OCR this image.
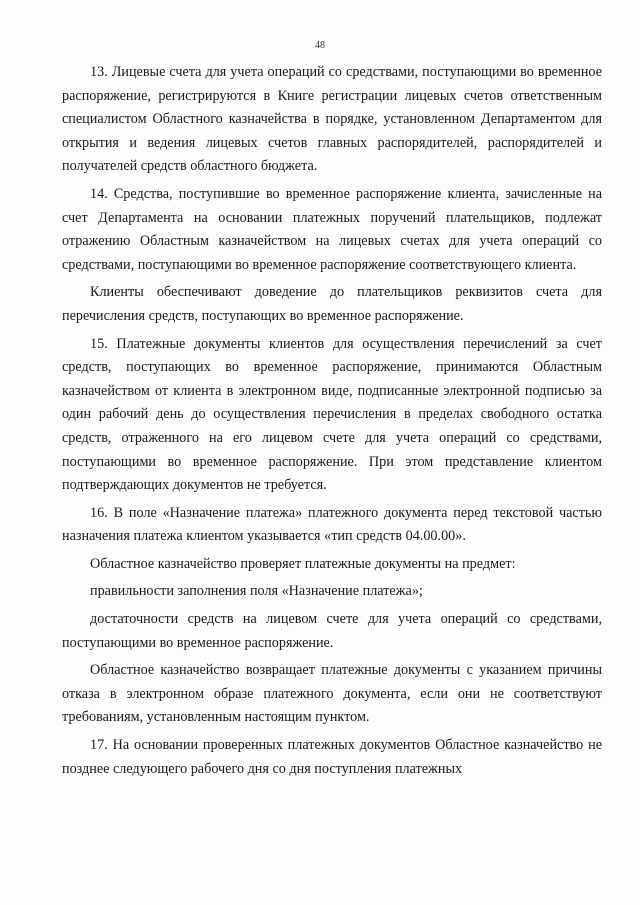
48

13. Лицевые счета для учета операций со средствами, поступающими во временное распоряжение, регистрируются в Книге регистрации лицевых счетов ответственным специалистом Областного казначейства в порядке, установленном Департаментом для открытия и ведения лицевых счетов главных распорядителей, распорядителей и получателей средств областного бюджета.

14. Средства, поступившие во временное распоряжение клиента, зачисленные на счет Департамента на основании платежных поручений плательщиков, подлежат отражению Областным казначейством на лицевых счетах для учета операций со средствами, поступающими во временное распоряжение соответствующего клиента.

Клиенты обеспечивают доведение до плательщиков реквизитов счета для перечисления средств, поступающих во временное распоряжение.

15. Платежные документы клиентов для осуществления перечислений за счет средств, поступающих во временное распоряжение, принимаются Областным казначейством от клиента в электронном виде, подписанные электронной подписью за один рабочий день до осуществления перечисления в пределах свободного остатка средств, отраженного на его лицевом счете для учета операций со средствами, поступающими во временное распоряжение. При этом представление клиентом подтверждающих документов не требуется.

16. В поле «Назначение платежа» платежного документа перед текстовой частью назначения платежа клиентом указывается «тип средств 04.00.00».

Областное казначейство проверяет платежные документы на предмет:

правильности заполнения поля «Назначение платежа»;

достаточности средств на лицевом счете для учета операций со средствами, поступающими во временное распоряжение.

Областное казначейство возвращает платежные документы с указанием причины отказа в электронном образе платежного документа, если они не соответствуют требованиям, установленным настоящим пунктом.

17. На основании проверенных платежных документов Областное казначейство не позднее следующего рабочего дня со дня поступления платежных
